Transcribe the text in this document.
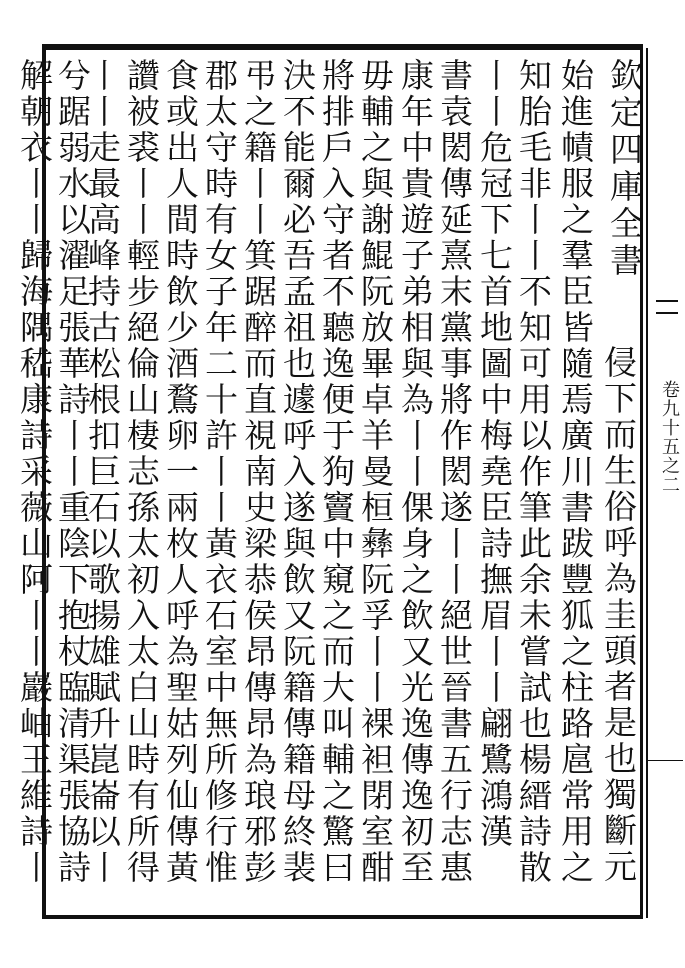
欽定四庫全書
卷九十五之二
侵下而生俗呼為圭頭者是也獨斷元
始進幘服之羣臣皆隨焉廣川書跋豐狐之柱路扈常用之
知胎毛非丨丨不知可用以作筆此余未嘗試也楊縉詩散
丨丨危冠下七首地圖中梅堯臣詩撫眉丨丨翩鷺鴻漢
書袁閎傳延熹末黨事將作閎遂丨丨絕世晉書五行志惠
康年中貴遊子弟相與為丨丨倮身之飲又光逸傳逸初至
毋輔之與謝鯤阮放畢卓羊曼桓彝阮孚丨丨裸袒閉室酣
將排戶入守者不聽逸便于狗竇中窺之而大叫輔之驚曰
決不能爾必吾孟祖也遽呼入遂與飲又阮籍傳籍母終裴
弔之籍丨丨箕踞醉而直視南史梁恭侯昂傳昂為琅邪彭
郡太守時有女子年二十許丨丨黃衣石室中無所修行惟
食或出人間時飲少酒鶩卵一兩枚人呼為聖姑列仙傳黃
讚被裘丨丨輕步絕倫山棲志孫太初入太白山時有所得
丨丨走最高峰持古松根扣巨石以歌揚雄賦升崑崙以丨
兮踞弱水以濯足張華詩丨丨重陰下抱杖臨清渠張協詩
解朝衣丨丨歸海隅嵇康詩采薇山阿丨丨巖岫王維詩丨
